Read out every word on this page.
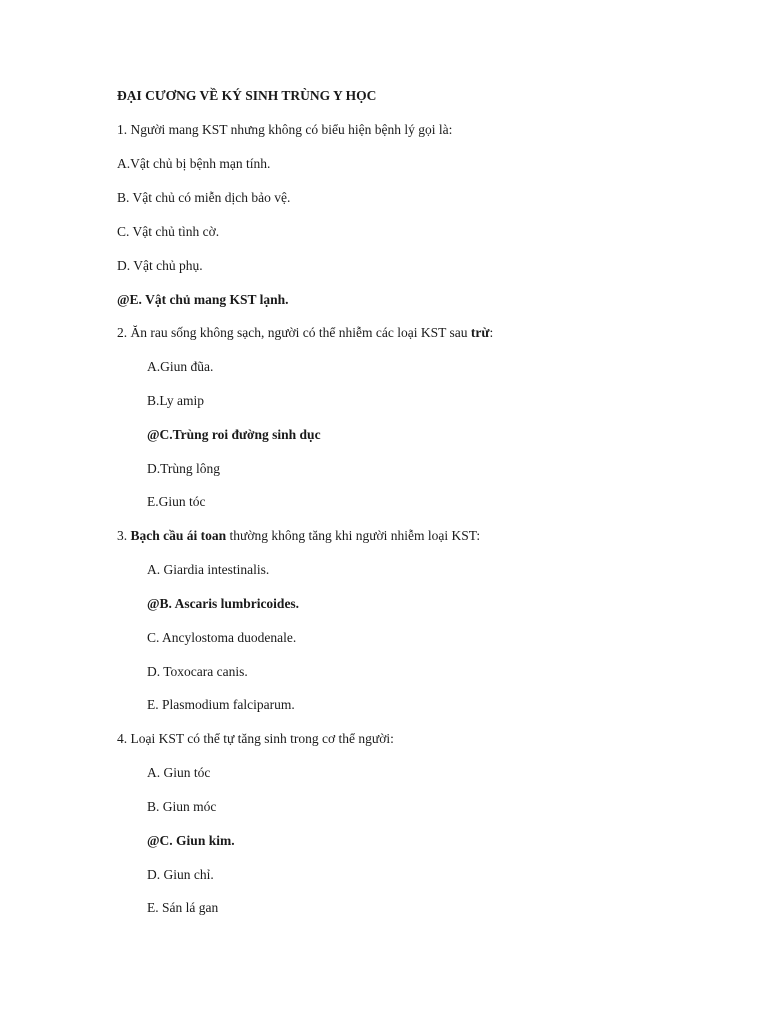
ĐẠI CƯƠNG VỀ KÝ SINH TRÙNG Y HỌC
1. Người mang KST nhưng không có biểu hiện bệnh lý gọi là:
A.Vật chủ bị bệnh mạn tính.
B. Vật chủ có miễn dịch bảo vệ.
C. Vật chủ tình cờ.
D. Vật chủ phụ.
@E. Vật chủ mang KST lạnh.
2. Ăn rau sống không sạch, người có thể nhiễm các loại KST sau trừ:
A.Giun đũa.
B.Ly amip
@C.Trùng roi đường sinh dục
D.Trùng lông
E.Giun tóc
3. Bạch cầu ái toan thường không tăng khi người nhiễm loại KST:
A. Giardia intestinalis.
@B. Ascaris lumbricoides.
C. Ancylostoma duodenale.
D. Toxocara canis.
E. Plasmodium falciparum.
4. Loại KST có thể tự tăng sinh trong cơ thể người:
A. Giun tóc
B. Giun móc
@C. Giun kim.
D. Giun chỉ.
E. Sán lá gan
